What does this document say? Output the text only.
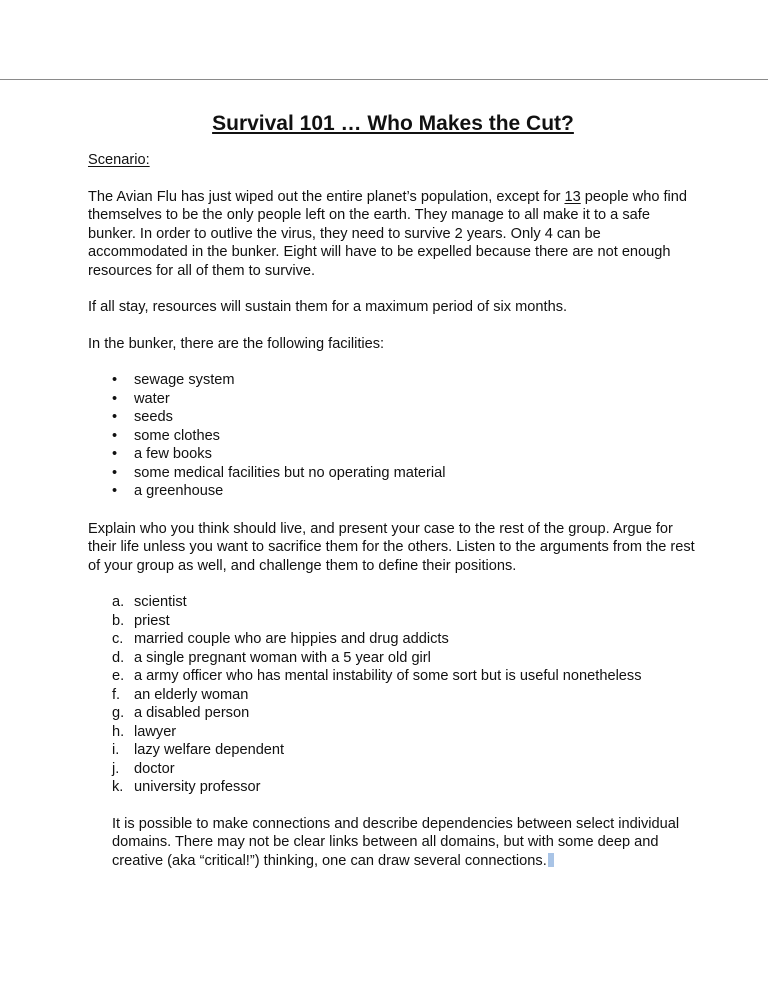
Survival 101 … Who Makes the Cut?
Scenario:

The Avian Flu has just wiped out the entire planet’s population, except for 13 people who find themselves to be the only people left on the earth. They manage to all make it to a safe bunker. In order to outlive the virus, they need to survive 2 years. Only 4 can be accommodated in the bunker. Eight will have to be expelled because there are not enough resources for all of them to survive.

If all stay, resources will sustain them for a maximum period of six months.

In the bunker, there are the following facilities:

• sewage system
• water
• seeds
• some clothes
• a few books
• some medical facilities but no operating material
• a greenhouse

Explain who you think should live, and present your case to the rest of the group. Argue for their life unless you want to sacrifice them for the others. Listen to the arguments from the rest of your group as well, and challenge them to define their positions.

a. scientist
b. priest
c. married couple who are hippies and drug addicts
d. a single pregnant woman with a 5 year old girl
e. a army officer who has mental instability of some sort but is useful nonetheless
f. an elderly woman
g. a disabled person
h. lawyer
i. lazy welfare dependent
j. doctor
k. university professor

It is possible to make connections and describe dependencies between select individual domains. There may not be clear links between all domains, but with some deep and creative (aka “critical!”) thinking, one can draw several connections.
